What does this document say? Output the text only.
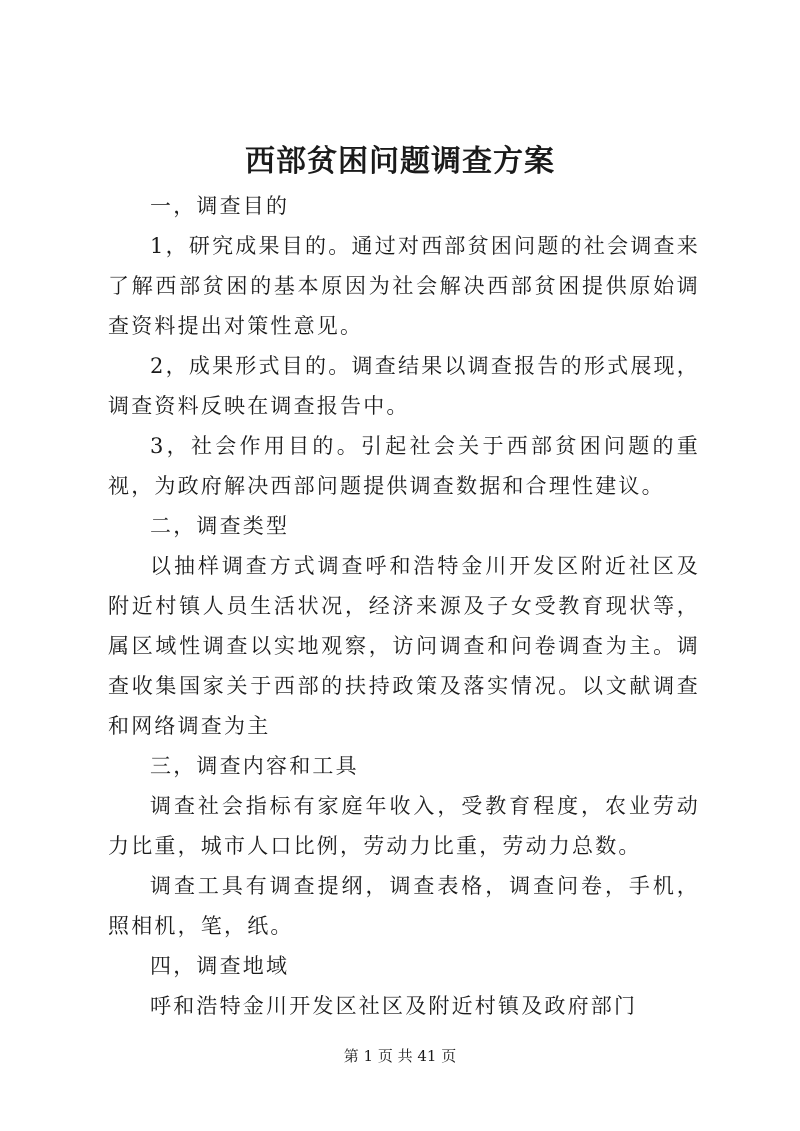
西部贫困问题调查方案

一，调查目的

1，研究成果目的。通过对西部贫困问题的社会调查来了解西部贫困的基本原因为社会解决西部贫困提供原始调查资料提出对策性意见。

2，成果形式目的。调查结果以调查报告的形式展现，调查资料反映在调查报告中。

3，社会作用目的。引起社会关于西部贫困问题的重视，为政府解决西部问题提供调查数据和合理性建议。

二，调查类型

以抽样调查方式调查呼和浩特金川开发区附近社区及附近村镇人员生活状况，经济来源及子女受教育现状等，属区域性调查以实地观察，访问调查和问卷调查为主。调查收集国家关于西部的扶持政策及落实情况。以文献调查和网络调查为主

三，调查内容和工具

调查社会指标有家庭年收入，受教育程度，农业劳动力比重，城市人口比例，劳动力比重，劳动力总数。

调查工具有调查提纲，调查表格，调查问卷，手机，照相机，笔，纸。

四，调查地域

呼和浩特金川开发区社区及附近村镇及政府部门

第 1 页 共 41 页
